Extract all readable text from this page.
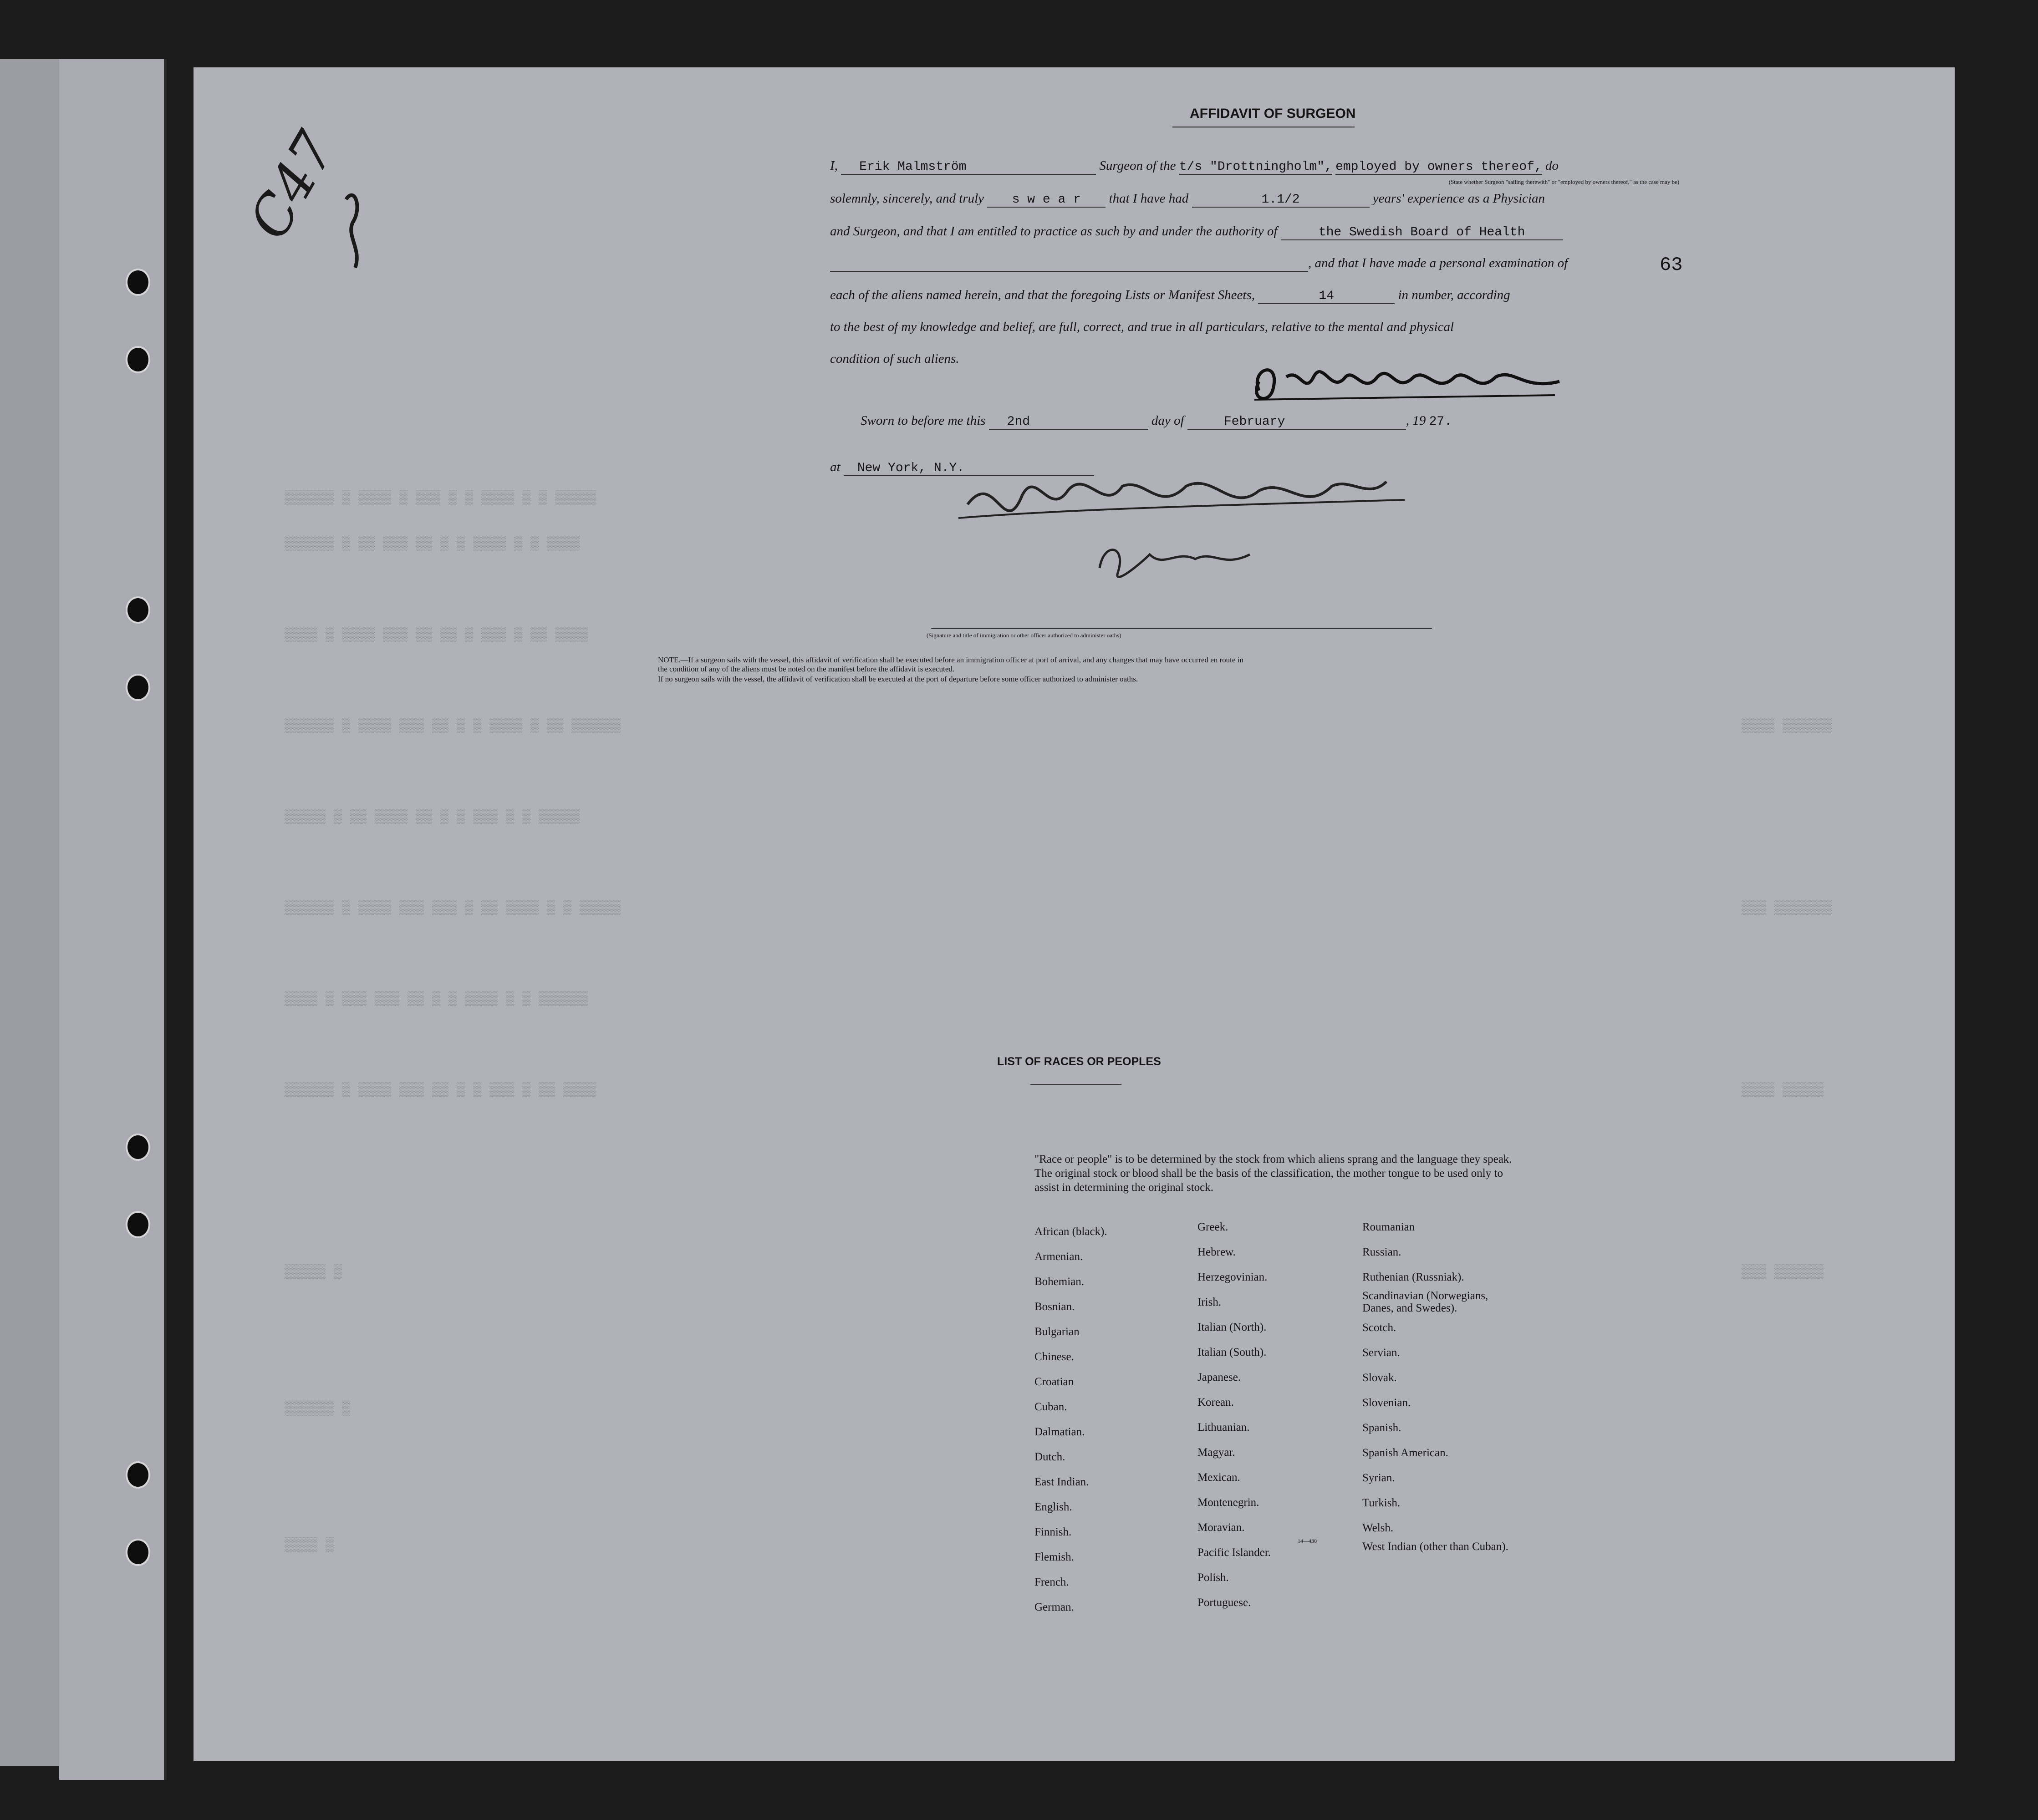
▒▒▒▒▒▒ ▒ ▒▒▒▒ ▒ ▒▒▒ ▒ ▒ ▒▒▒▒ ▒ ▒ ▒▒▒▒▒
▒▒▒▒▒▒ ▒ ▒▒ ▒▒▒ ▒▒ ▒ ▒ ▒▒▒▒ ▒ ▒ ▒▒▒▒
▒▒▒▒ ▒ ▒▒▒▒ ▒▒▒ ▒▒ ▒▒ ▒ ▒▒▒ ▒ ▒▒ ▒▒▒▒
▒▒▒▒▒▒ ▒ ▒▒▒▒ ▒▒▒ ▒▒ ▒ ▒ ▒▒▒▒ ▒ ▒▒ ▒▒▒▒▒▒
▒▒▒▒▒ ▒ ▒▒ ▒▒▒▒ ▒▒ ▒ ▒ ▒▒▒ ▒ ▒ ▒▒▒▒▒
▒▒▒▒▒▒ ▒ ▒▒▒▒ ▒▒▒ ▒▒▒ ▒ ▒▒ ▒▒▒▒ ▒ ▒ ▒▒▒▒▒
▒▒▒▒ ▒ ▒▒▒ ▒▒▒ ▒▒ ▒ ▒ ▒▒▒▒ ▒ ▒ ▒▒▒▒▒▒
▒▒▒▒▒▒ ▒ ▒▒▒▒ ▒▒▒ ▒▒ ▒ ▒ ▒▒▒ ▒ ▒▒ ▒▒▒▒
▒▒▒▒▒ ▒
▒▒▒▒▒▒ ▒
▒▒▒▒ ▒
▒▒▒▒ ▒▒▒▒▒▒
▒▒▒ ▒▒▒▒▒▒▒
▒▒▒▒ ▒▒▒▒▒
▒▒▒ ▒▒▒▒▒▒
C47
63
AFFIDAVIT OF SURGEON
I, Erik Malmström	Surgeon of the t/s "Drottningholm", employed by owners thereof, do
(State whether Surgeon "sailing therewith" or "employed by owners thereof," as the case may be)
solemnly, sincerely, and truly s w e a r that I have had	1.1/2	years' experience as a Physician
and Surgeon, and that I am entitled to practice as such by and under the authority of	the Swedish Board of Health
, and that I have made a personal examination of
each of the aliens named herein, and that the foregoing Lists or Manifest Sheets,	14	in number, according
to the best of my knowledge and belief, are full, correct, and true in all particulars, relative to the mental and physical
condition of such aliens.
Sworn to before me this 2nd	day of	February	, 19 27.
at New York, N.Y.
(Signature and title of immigration or other officer authorized to administer oaths)
NOTE.—If a surgeon sails with the vessel, this affidavit of verification shall be executed before an immigration officer at port of arrival, and any changes that may have occurred en route in
the condition of any of the aliens must be noted on the manifest before the affidavit is executed.
If no surgeon sails with the vessel, the affidavit of verification shall be executed at the port of departure before some officer authorized to administer oaths.
LIST OF RACES OR PEOPLES
"Race or people" is to be determined by the stock from which aliens sprang and the language they speak. The original stock or blood shall be the basis of the classification, the mother tongue to be used only to assist in determining the original stock.
African (black).
Armenian.
Bohemian.
Bosnian.
Bulgarian
Chinese.
Croatian
Cuban.
Dalmatian.
Dutch.
East Indian.
English.
Finnish.
Flemish.
French.
German.
Greek.
Hebrew.
Herzegovinian.
Irish.
Italian (North).
Italian (South).
Japanese.
Korean.
Lithuanian.
Magyar.
Mexican.
Montenegrin.
Moravian.
Pacific Islander.
Polish.
Portuguese.
Roumanian
Russian.
Ruthenian (Russniak).
Scandinavian (Norwegians, Danes, and Swedes).
Scotch.
Servian.
Slovak.
Slovenian.
Spanish.
Spanish American.
Syrian.
Turkish.
Welsh.
West Indian (other than Cuban).
14—430
